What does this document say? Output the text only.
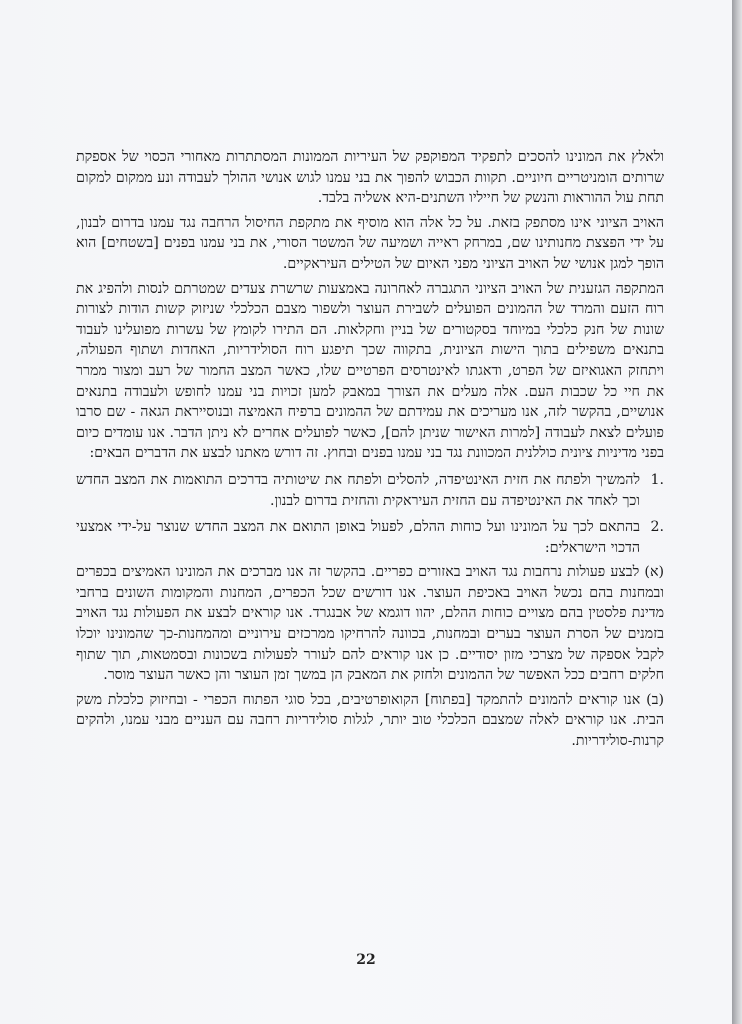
ולאלץ את המונינו להסכים לתפקיד המפוקפק של העיריות הממונות המסתתרות מאחורי הכסוי של אספקת שרותים הומניטריים חיוניים. תקוות הכבוש להפוך את בני עמנו לגוש אנושי ההולך לעבודה ונע ממקום למקום תחת עול ההוראות והנשק של חייליו השתנים-היא אשליה בלבד.

האויב הציוני אינו מסתפק בזאת. על כל אלה הוא מוסיף את מתקפת החיסול הרחבה נגד עמנו בדרום לבנון, על ידי הפצצת מחנותינו שם, במרחק ראייה ושמיעה של המשטר הסורי, את בני עמנו בפנים [בשטחים] הוא הופך למגן אנושי של האויב הציוני מפני האיום של הטילים העיראקיים.

המתקפה הגזענית של האויב הציוני התגברה לאחרונה באמצעות שרשרת צעדים שמטרתם לנסות ולהפיג את רוח הזעם והמרד של ההמונים הפועלים לשבירת העוצר ולשפור מצבם הכלכלי שניזוק קשות הודות לצורות שונות של חנק כלכלי במיוחד בסקטורים של בניין וחקלאות. הם התירו לקומץ של עשרות מפועלינו לעבוד בתנאים משפילים בתוך הישות הציונית, בתקווה שכך תיפגע רוח הסולידריות, האחדות ושתוף הפעולה, ויתחזק האגואיזם של הפרט, ודאגתו לאינטרסים הפרטיים שלו, כאשר המצב החמור של רעב ומצור ממרר את חיי כל שכבות העם. אלה מעלים את הצורך במאבק למען זכויות בני עמנו לחופש ולעבודה בתנאים אנושיים, בהקשר לזה, אנו מעריכים את עמידתם של ההמונים ברפיח האמיצה ובנוסייראת הגאה - שם סרבו פועלים לצאת לעבודה [למרות האישור שניתן להם], כאשר לפועלים אחרים לא ניתן הדבר. אנו עומדים כיום בפני מדיניות ציונית כוללנית המכוונת נגד בני עמנו בפנים ובחוץ. זה דורש מאתנו לבצע את הדברים הבאים:

1.
להמשיך ולפתח את חזית האינטיפדה, להסלים ולפתח את שיטותיה בדרכים התואמות את המצב החדש וכך לאחד את האינטיפדה עם החזית העיראקית והחזית בדרום לבנון.
2.
בהתאם לכך על המונינו ועל כוחות ההלם, לפעול באופן התואם את המצב החדש שנוצר על-ידי אמצעי הדכוי הישראלים:

(א) לבצע פעולות נרחבות נגד האויב באזורים כפריים. בהקשר זה אנו מברכים את המונינו האמיצים בכפרים ובמחנות בהם נכשל האויב באכיפת העוצר. אנו דורשים שכל הכפרים, המחנות והמקומות השונים ברחבי מדינת פלסטין בהם מצויים כוחות ההלם, יהוו דוגמא של אבנגרד. אנו קוראים לבצע את הפעולות נגד האויב בזמנים של הסרת העוצר בערים ובמחנות, בכוונה להרחיקו ממרכזים עירוניים ומהמחנות-כך שהמונינו יוכלו לקבל אספקה של מצרכי מזון יסודיים. כן אנו קוראים להם לעורר לפעולות בשכונות ובסמטאות, תוך שתוף חלקים רחבים ככל האפשר של ההמונים ולחזק את המאבק הן במשך זמן העוצר והן כאשר העוצר מוסר.

(ב) אנו קוראים להמונים להתמקד [בפתוח] הקואופרטיבים, בכל סוגי הפתוח הכפרי - ובחיזוק כלכלת משק הבית. אנו קוראים לאלה שמצבם הכלכלי טוב יותר, לגלות סולידריות רחבה עם העניים מבני עמנו, ולהקים קרנות-סולידריות.

22
